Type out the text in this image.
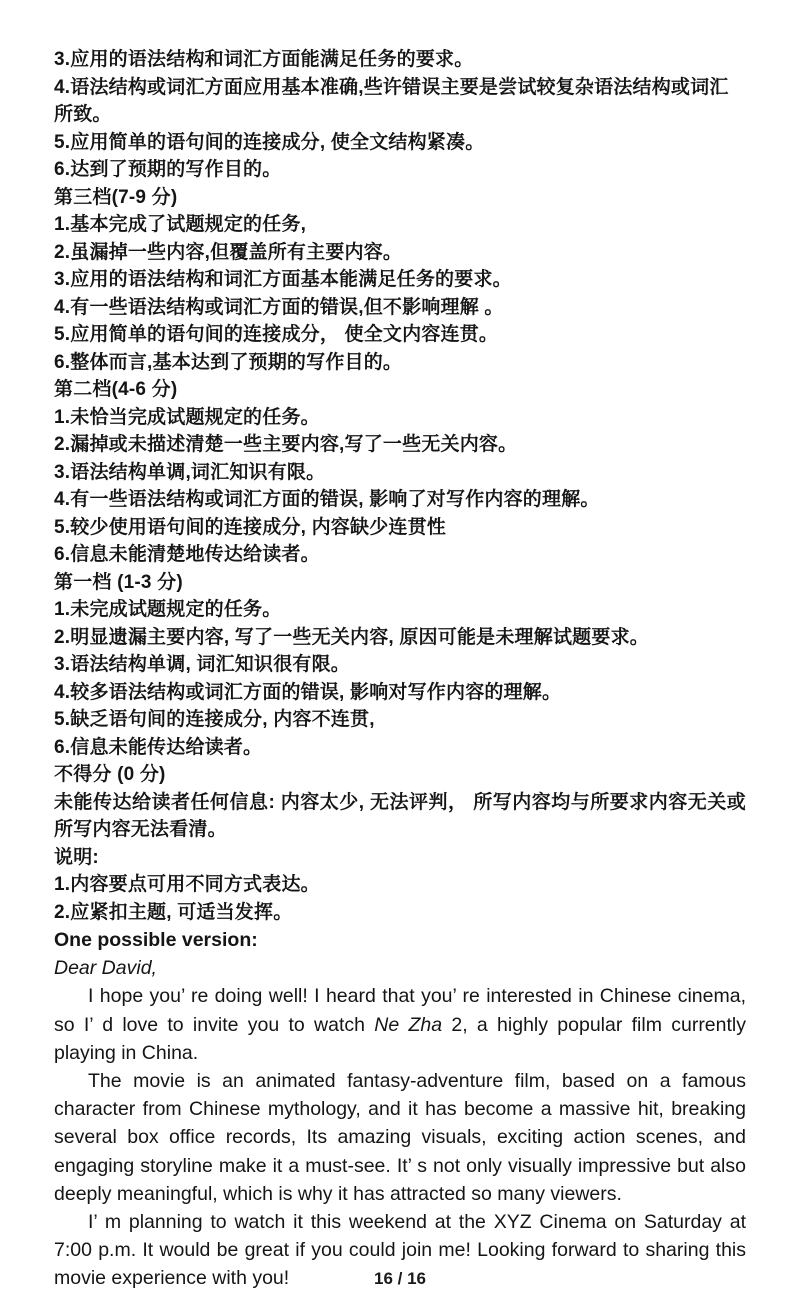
3.应用的语法结构和词汇方面能满足任务的要求。
4.语法结构或词汇方面应用基本准确,些许错误主要是尝试较复杂语法结构或词汇所致。
5.应用简单的语句间的连接成分, 使全文结构紧凑。
6.达到了预期的写作目的。
第三档(7-9 分)
1.基本完成了试题规定的任务,
2.虽漏掉一些内容,但覆盖所有主要内容。
3.应用的语法结构和词汇方面基本能满足任务的要求。
4.有一些语法结构或词汇方面的错误,但不影响理解 。
5.应用简单的语句间的连接成分， 使全文内容连贯。
6.整体而言,基本达到了预期的写作目的。
第二档(4-6 分)
1.未恰当完成试题规定的任务。
2.漏掉或未描述清楚一些主要内容,写了一些无关内容。
3.语法结构单调,词汇知识有限。
4.有一些语法结构或词汇方面的错误, 影响了对写作内容的理解。
5.较少使用语句间的连接成分, 内容缺少连贯性
6.信息未能清楚地传达给读者。
第一档 (1-3 分)
1.未完成试题规定的任务。
2.明显遗漏主要内容, 写了一些无关内容, 原因可能是未理解试题要求。
3.语法结构单调, 词汇知识很有限。
4.较多语法结构或词汇方面的错误, 影响对写作内容的理解。
5.缺乏语句间的连接成分, 内容不连贯,
6.信息未能传达给读者。
不得分 (0 分)
未能传达给读者任何信息: 内容太少, 无法评判， 所写内容均与所要求内容无关或所写内容无法看清。
说明:
1.内容要点可用不同方式表达。
2.应紧扣主题, 可适当发挥。

One possible version:

Dear David,

I hope you’ re doing well! I heard that you’ re interested in Chinese cinema, so I’ d love to invite you to watch Ne Zha 2, a highly popular film currently playing in China.

The movie is an animated fantasy-adventure film, based on a famous character from Chinese mythology, and it has become a massive hit, breaking several box office records, Its amazing visuals, exciting action scenes, and engaging storyline make it a must-see. It’ s not only visually impressive but also deeply meaningful, which is why it has attracted so many viewers.

I’ m planning to watch it this weekend at the XYZ Cinema on Saturday at 7:00 p.m. It would be great if you could join me! Looking forward to sharing this movie experience with you!	16 / 16
